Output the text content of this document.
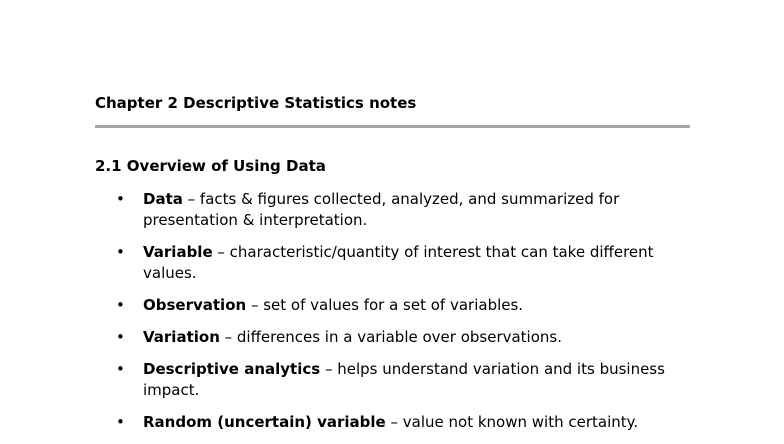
Chapter 2 Descriptive Statistics notes
2.1 Overview of Using Data
• Data – facts & figures collected, analyzed, and summarized for presentation & interpretation.
• Variable – characteristic/quantity of interest that can take different values.
• Observation – set of values for a set of variables.
• Variation – differences in a variable over observations.
• Descriptive analytics – helps understand variation and its business impact.
• Random (uncertain) variable – value not known with certainty.
